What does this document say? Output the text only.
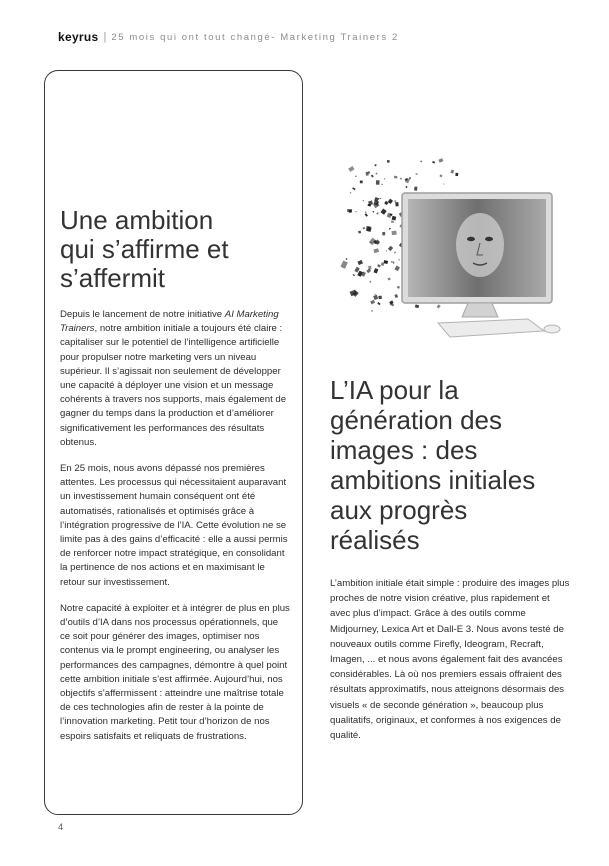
keyrus | 25 mois qui ont tout changé- Marketing Trainers 2
Une ambition
qui s’affirme et
s’affermit

Depuis le lancement de notre initiative AI Marketing Trainers, notre ambition initiale a toujours été claire : capitaliser sur le potentiel de l’intelligence artificielle pour propulser notre marketing vers un niveau supérieur. Il s’agissait non seulement de développer une capacité à déployer une vision et un message cohérents à travers nos supports, mais également de gagner du temps dans la production et d’améliorer significativement les performances des résultats obtenus.

En 25 mois, nous avons dépassé nos premières attentes. Les processus qui nécessitaient auparavant un investissement humain conséquent ont été automatisés, rationalisés et optimisés grâce à l’intégration progressive de l’IA. Cette évolution ne se limite pas à des gains d’efficacité : elle a aussi permis de renforcer notre impact stratégique, en consolidant la pertinence de nos actions et en maximisant le retour sur investissement.

Notre capacité à exploiter et à intégrer de plus en plus d’outils d’IA dans nos processus opérationnels, que ce soit pour générer des images, optimiser nos contenus via le prompt engineering, ou analyser les performances des campagnes, démontre à quel point cette ambition initiale s’est affirmée. Aujourd’hui, nos objectifs s’affermissent : atteindre une maîtrise totale de ces technologies afin de rester à la pointe de l’innovation marketing. Petit tour d’horizon de nos espoirs satisfaits et reliquats de frustrations.

L’IA pour la
génération des
images : des
ambitions initiales
aux progrès
réalisés

L’ambition initiale était simple : produire des images plus proches de notre vision créative, plus rapidement et avec plus d’impact. Grâce à des outils comme Midjourney, Lexica Art et Dall-E 3. Nous avons testé de nouveaux outils comme Firefly, Ideogram, Recraft, Imagen, ... et nous avons également fait des avancées considérables. Là où nos premiers essais offraient des résultats approximatifs, nous atteignons désormais des visuels « de seconde génération », beaucoup plus qualitatifs, originaux, et conformes à nos exigences de qualité.

4
